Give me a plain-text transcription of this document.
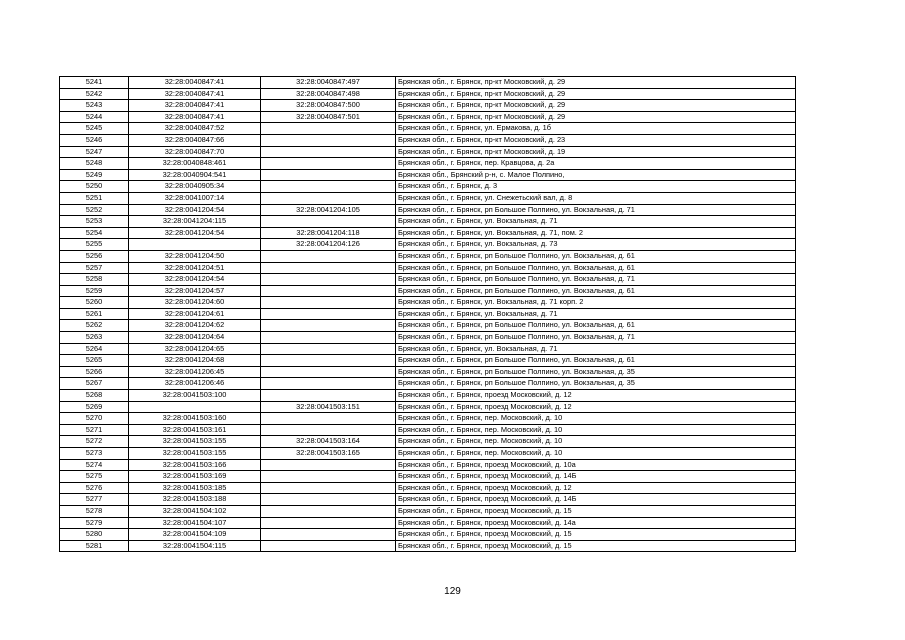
5241	32:28:0040847:41	32:28:0040847:497	Брянская обл., г. Брянск, пр-кт Московский, д. 29
5242	32:28:0040847:41	32:28:0040847:498	Брянская обл., г. Брянск, пр-кт Московский, д. 29
5243	32:28:0040847:41	32:28:0040847:500	Брянская обл., г. Брянск, пр-кт Московский, д. 29
5244	32:28:0040847:41	32:28:0040847:501	Брянская обл., г. Брянск, пр-кт Московский, д. 29
5245	32:28:0040847:52		Брянская обл., г. Брянск, ул. Ермакова, д. 1б
5246	32:28:0040847:66		Брянская обл., г. Брянск, пр-кт Московский, д. 23
5247	32:28:0040847:70		Брянская обл., г. Брянск, пр-кт Московский, д. 19
5248	32:28:0040848:461		Брянская обл., г. Брянск, пер. Кравцова, д. 2а
5249	32:28:0040904:541		Брянская обл., Брянский р-н, с. Малое Полпино,
5250	32:28:0040905:34		Брянская обл., г. Брянск, д. 3
5251	32:28:0041007:14		Брянская обл., г. Брянск, ул. Снежетьский вал, д. 8
5252	32:28:0041204:54	32:28:0041204:105	Брянская обл., г. Брянск, рп Большое Полпино, ул. Вокзальная, д. 71
5253	32:28:0041204:115		Брянская обл., г. Брянск, ул. Вокзальная, д. 71
5254	32:28:0041204:54	32:28:0041204:118	Брянская обл., г. Брянск, ул. Вокзальная, д. 71, пом. 2
5255		32:28:0041204:126	Брянская обл., г. Брянск, ул. Вокзальная, д. 73
5256	32:28:0041204:50		Брянская обл., г. Брянск, рп Большое Полпино, ул. Вокзальная, д. 61
5257	32:28:0041204:51		Брянская обл., г. Брянск, рп Большое Полпино, ул. Вокзальная, д. 61
5258	32:28:0041204:54		Брянская обл., г. Брянск, рп Большое Полпино, ул. Вокзальная, д. 71
5259	32:28:0041204:57		Брянская обл., г. Брянск, рп Большое Полпино, ул. Вокзальная, д. 61
5260	32:28:0041204:60		Брянская обл., г. Брянск, ул. Вокзальная, д. 71 корп. 2
5261	32:28:0041204:61		Брянская обл., г. Брянск, ул. Вокзальная, д. 71
5262	32:28:0041204:62		Брянская обл., г. Брянск, рп Большое Полпино, ул. Вокзальная, д. 61
5263	32:28:0041204:64		Брянская обл., г. Брянск, рп Большое Полпино, ул. Вокзальная, д. 71
5264	32:28:0041204:65		Брянская обл., г. Брянск, ул. Вокзальная, д. 71
5265	32:28:0041204:68		Брянская обл., г. Брянск, рп Большое Полпино, ул. Вокзальная, д. 61
5266	32:28:0041206:45		Брянская обл., г. Брянск, рп Большое Полпино, ул. Вокзальная, д. 35
5267	32:28:0041206:46		Брянская обл., г. Брянск, рп Большое Полпино, ул. Вокзальная, д. 35
5268	32:28:0041503:100		Брянская обл., г. Брянск, проезд Московский, д. 12
5269		32:28:0041503:151	Брянская обл., г. Брянск, проезд Московский, д. 12
5270	32:28:0041503:160		Брянская обл., г. Брянск, пер. Московский, д. 10
5271	32:28:0041503:161		Брянская обл., г. Брянск, пер. Московский, д. 10
5272	32:28:0041503:155	32:28:0041503:164	Брянская обл., г. Брянск, пер. Московский, д. 10
5273	32:28:0041503:155	32:28:0041503:165	Брянская обл., г. Брянск, пер. Московский, д. 10
5274	32:28:0041503:166		Брянская обл., г. Брянск, проезд Московский, д. 10а
5275	32:28:0041503:169		Брянская обл., г. Брянск, проезд Московский, д. 14Б
5276	32:28:0041503:185		Брянская обл., г. Брянск, проезд Московский, д. 12
5277	32:28:0041503:188		Брянская обл., г. Брянск, проезд Московский, д. 14Б
5278	32:28:0041504:102		Брянская обл., г. Брянск, проезд Московский, д. 15
5279	32:28:0041504:107		Брянская обл., г. Брянск, проезд Московский, д. 14а
5280	32:28:0041504:109		Брянская обл., г. Брянск, проезд Московский, д. 15
5281	32:28:0041504:115		Брянская обл., г. Брянск, проезд Московский, д. 15
129
